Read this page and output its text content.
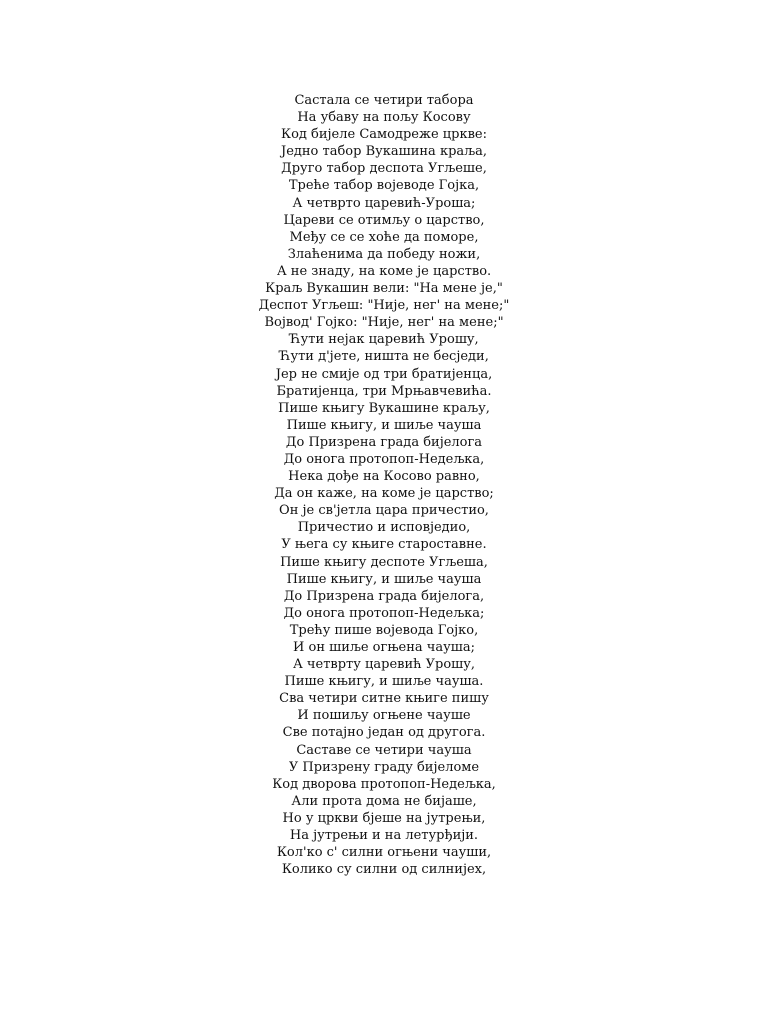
Састала се четири табора
На убаву на пољу Косову
Код бијеле Самодреже цркве:
Једно табор Вукашина краља,
Друго табор деспота Угљеше,
Треће табор војеводе Гојка,
А четврто царевић-Уроша;
Цареви се отимљу о царство,
Међу се се хоће да поморе,
Злаћенима да победу ножи,
А не знаду, на коме је царство.
Краљ Вукашин вели: "На мене је,"
Деспот Угљеш: "Није, нег' на мене;"
Војвод' Гојко: "Није, нег' на мене;"
Ћути нејак царевић Урошу,
Ћути д'јете, ништа не бесједи,
Јер не смије од три братијенца,
Братијенца, три Мрњавчевића.
Пише књигу Вукашине краљу,
Пише књигу, и шиље чауша
До Призрена града бијелога
До онога протопоп-Недељка,
Нека дође на Косово равно,
Да он каже, на коме је царство;
Он је св'јетла цара причестио,
Причестио и исповједио,
У њега су књиге староставне.
Пише књигу деспоте Угљеша,
Пише књигу, и шиље чауша
До Призрена града бијелога,
До онога протопоп-Недељка;
Трећу пише војевода Гојко,
И он шиље огњена чауша;
А четврту царевић Урошу,
Пише књигу, и шиље чауша.
Сва четири ситне књиге пишу
И пошиљу огњене чауше
Све потајно један од другога.
Саставе се четири чауша
У Призрену граду бијеломе
Код дворова протопоп-Недељка,
Али прота дома не бијаше,
Но у цркви бјеше на јутрењи,
На јутрењи и на летурђији.
Кол'ко с' силни огњени чауши,
Колико су силни од силнијех,
